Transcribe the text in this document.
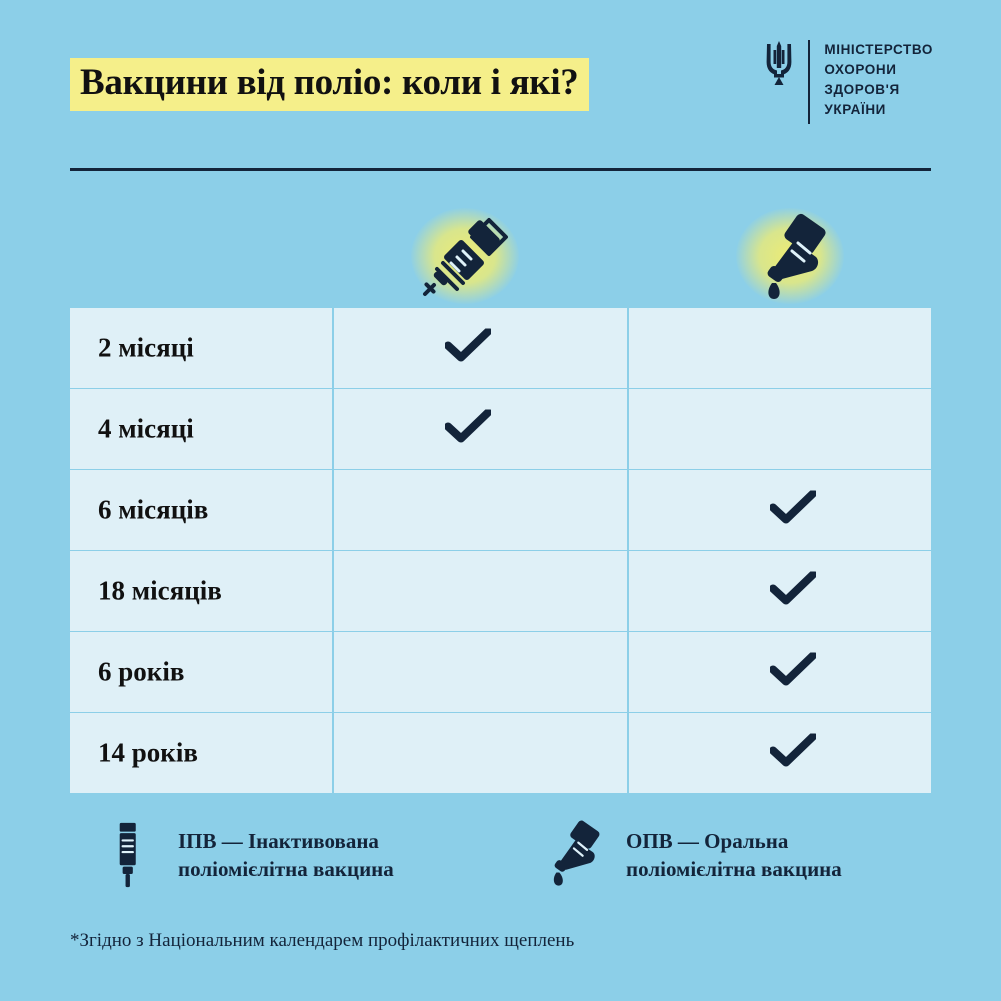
Вакцини від поліо: коли і які?
МІНІСТЕРСТВО
ОХОРОНИ
ЗДОРОВ'Я
УКРАЇНИ
2 місяці
4 місяці
6 місяців
18 місяців
6 років
14 років
ІПВ — Інактивована
поліомієлітна вакцина
ОПВ — Оральна
поліомієлітна вакцина
*Згідно з Національним календарем профілактичних щеплень
